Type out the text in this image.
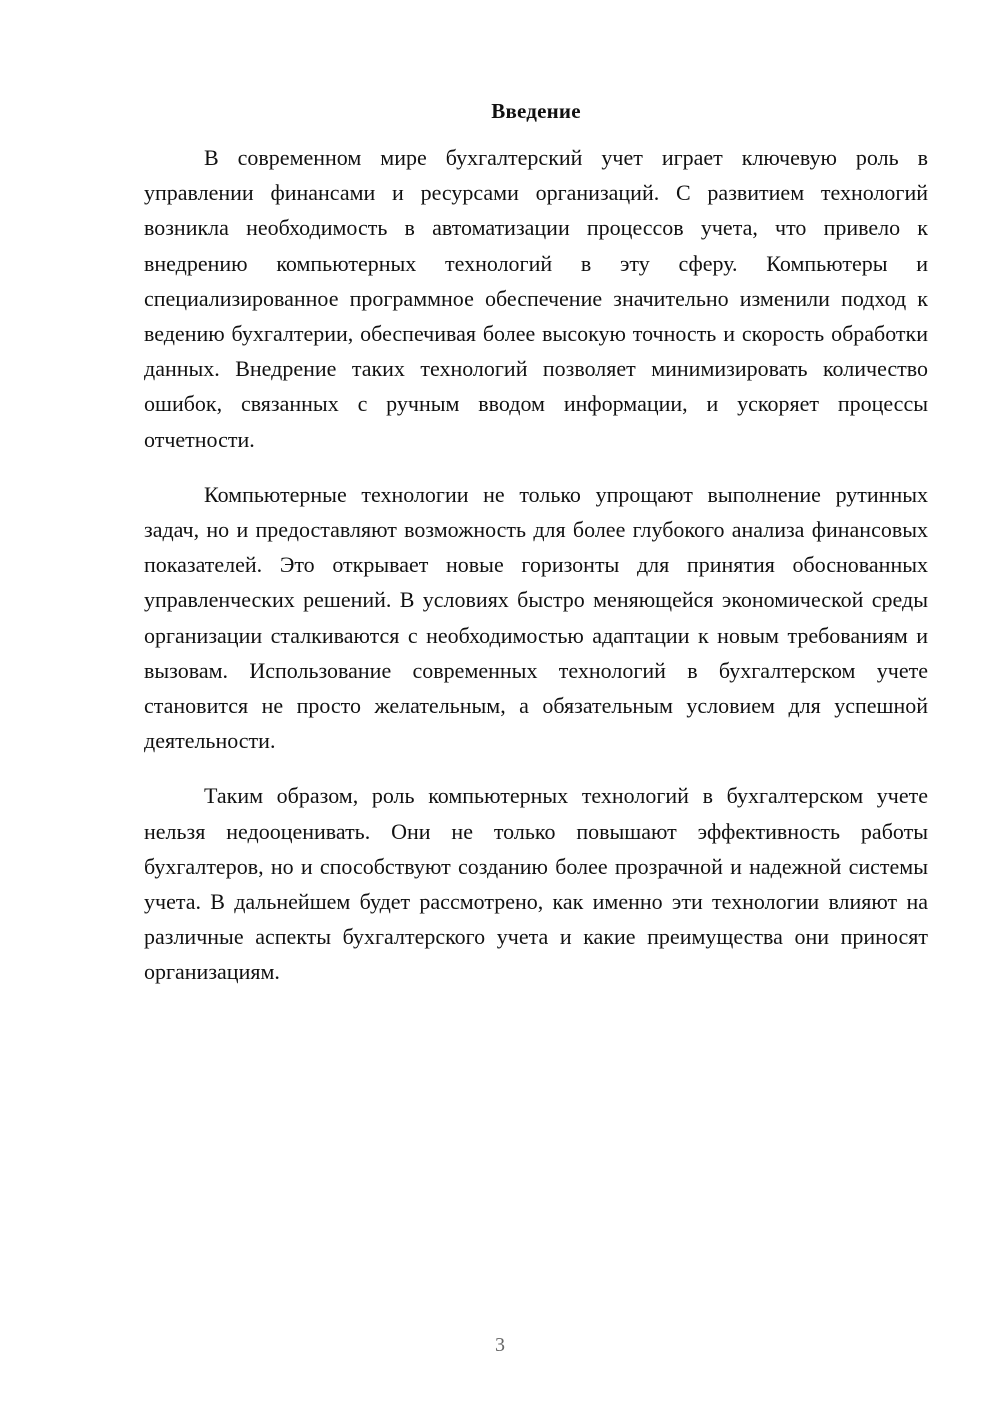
Введение

В современном мире бухгалтерский учет играет ключевую роль в управлении финансами и ресурсами организаций. С развитием технологий возникла необходимость в автоматизации процессов учета, что привело к внедрению компьютерных технологий в эту сферу. Компьютеры и специализированное программное обеспечение значительно изменили подход к ведению бухгалтерии, обеспечивая более высокую точность и скорость обработки данных. Внедрение таких технологий позволяет минимизировать количество ошибок, связанных с ручным вводом информации, и ускоряет процессы отчетности.

Компьютерные технологии не только упрощают выполнение рутинных задач, но и предоставляют возможность для более глубокого анализа финансовых показателей. Это открывает новые горизонты для принятия обоснованных управленческих решений. В условиях быстро меняющейся экономической среды организации сталкиваются с необходимостью адаптации к новым требованиям и вызовам. Использование современных технологий в бухгалтерском учете становится не просто желательным, а обязательным условием для успешной деятельности.

Таким образом, роль компьютерных технологий в бухгалтерском учете нельзя недооценивать. Они не только повышают эффективность работы бухгалтеров, но и способствуют созданию более прозрачной и надежной системы учета. В дальнейшем будет рассмотрено, как именно эти технологии влияют на различные аспекты бухгалтерского учета и какие преимущества они приносят организациям.

3
